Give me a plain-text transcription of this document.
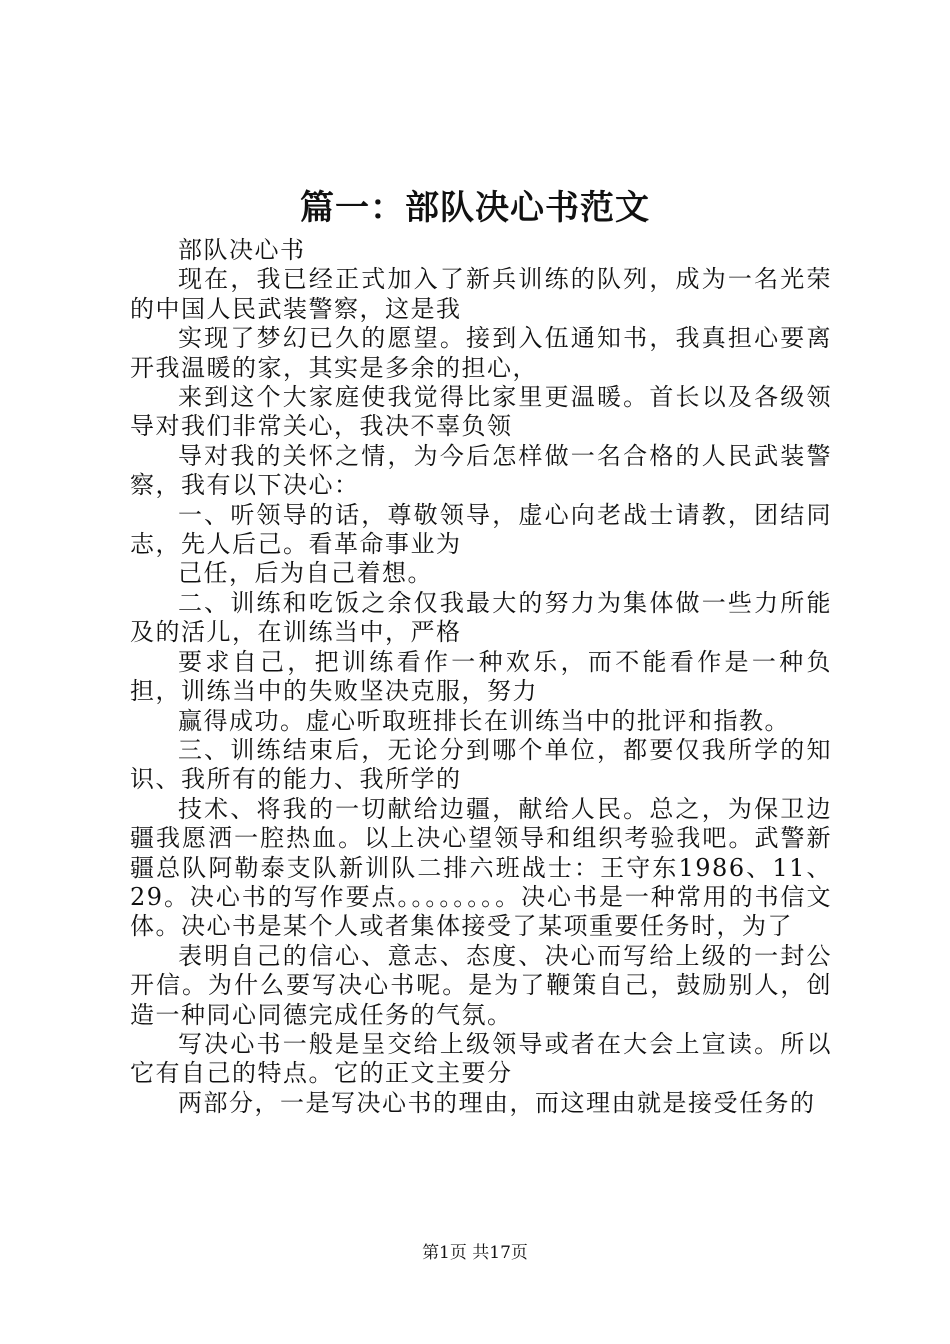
篇一：部队决心书范文

部队决心书

现在，我已经正式加入了新兵训练的队列，成为一名光荣的中国人民武装警察，这是我

实现了梦幻已久的愿望。接到入伍通知书，我真担心要离开我温暖的家，其实是多余的担心，

来到这个大家庭使我觉得比家里更温暖。首长以及各级领导对我们非常关心，我决不辜负领

导对我的关怀之情，为今后怎样做一名合格的人民武装警察，我有以下决心：

一、听领导的话，尊敬领导，虚心向老战士请教，团结同志，先人后己。看革命事业为

己任，后为自己着想。

二、训练和吃饭之余仅我最大的努力为集体做一些力所能及的活儿，在训练当中，严格

要求自己，把训练看作一种欢乐，而不能看作是一种负担，训练当中的失败坚决克服，努力

赢得成功。虚心听取班排长在训练当中的批评和指教。

三、训练结束后，无论分到哪个单位，都要仅我所学的知识、我所有的能力、我所学的

技术、将我的一切献给边疆，献给人民。总之，为保卫边疆我愿洒一腔热血。以上决心望领导和组织考验我吧。武警新疆总队阿勒泰支队新训队二排六班战士：王守东1986、11、29。决心书的写作要点。。。。。。。。决心书是一种常用的书信文体。决心书是某个人或者集体接受了某项重要任务时，为了

表明自己的信心、意志、态度、决心而写给上级的一封公开信。为什么要写决心书呢。是为了鞭策自己，鼓励别人，创造一种同心同德完成任务的气氛。

写决心书一般是呈交给上级领导或者在大会上宣读。所以它有自己的特点。它的正文主要分

两部分，一是写决心书的理由，而这理由就是接受任务的

第1页 共17页
